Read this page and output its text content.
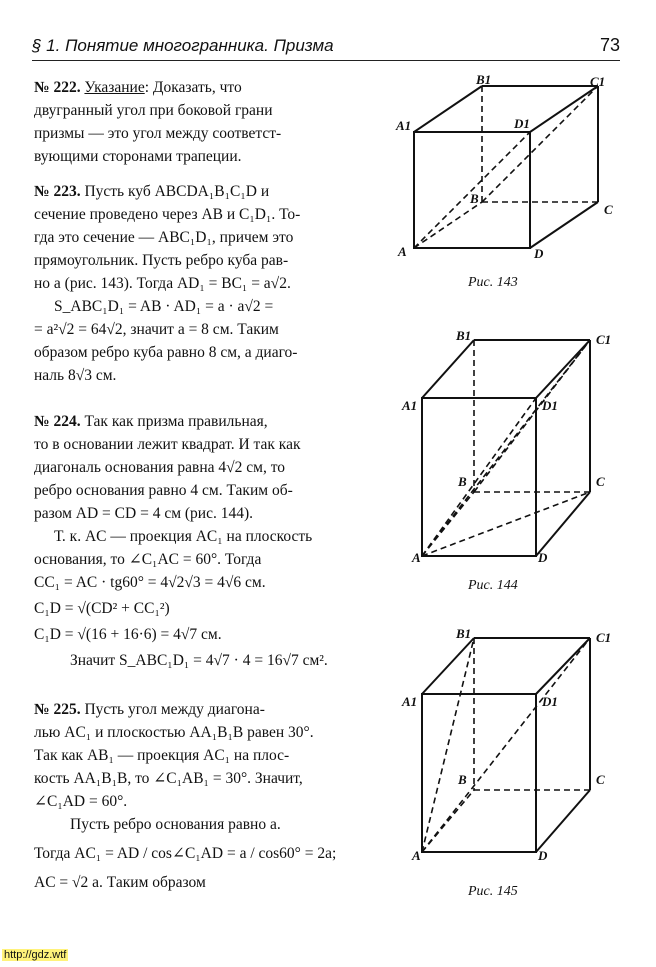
§ 1. Понятие многогранника. Призма	73
№ 222. Указание: Доказать, что
двугранный угол при боковой грани
призмы — это угол между соответст-
вующими сторонами трапеции.
№ 223. Пусть куб ABCDA₁B₁C₁D и
сечение проведено через AB и C₁D₁. То-
гда это сечение — ABC₁D₁, причем это
прямоугольник. Пусть ребро куба рав-
но a (рис. 143). Тогда AD₁ = BC₁ = a√2.
S_ABC₁D₁ = AB · AD₁ = a · a√2 =
= a²√2 = 64√2, значит a = 8 см. Таким
образом ребро куба равно 8 см, а диаго-
наль 8√3 см.
№ 224. Так как призма правильная,
то в основании лежит квадрат. И так как
диагональ основания равна 4√2 см, то
ребро основания равно 4 см. Таким об-
разом AD = CD = 4 см (рис. 144).
Т. к. AC — проекция AC₁ на плоскость
основания, то ∠C₁AC = 60°. Тогда
CC₁ = AC · tg60° = 4√2√3 = 4√6 см.
C₁D = √(CD² + CC₁²)
C₁D = √(16 + 16·6) = 4√7 см.
Значит S_ABC₁D₁ = 4√7 · 4 = 16√7 см².
№ 225. Пусть угол между диагона-
лью AC₁ и плоскостью AA₁B₁B равен 30°.
Так как AB₁ — проекция AC₁ на плос-
кость AA₁B₁B, то ∠C₁AB₁ = 30°. Значит,
∠C₁AD = 60°.
Пусть ребро основания равно a.
Тогда AC₁ = AD / cos∠C₁AD = a / cos60° = 2a;
AC = √2 a. Таким образом
B1	C1
A1	D1
B
C
A	D
Рис. 143
B1	C1
A1	D1
B	C
A	D
Рис. 144
B1	C1
A1	D1
B	C
A	D
Рис. 145
http://gdz.wtf
